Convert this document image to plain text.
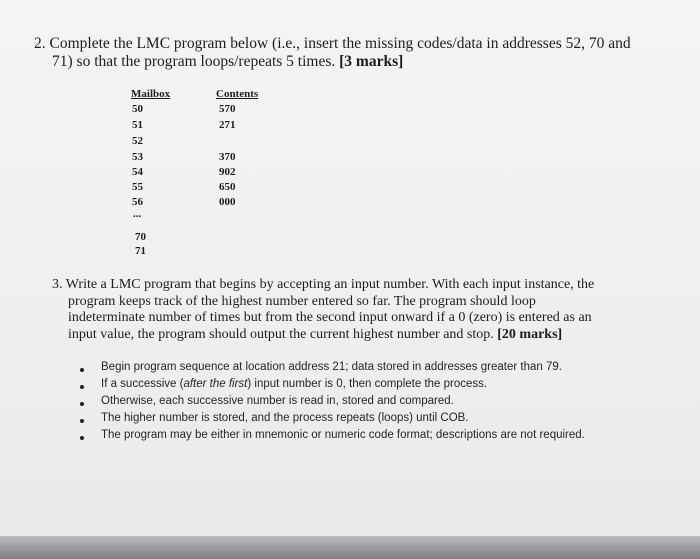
2. Complete the LMC program below (i.e., insert the missing codes/data in addresses 52, 70 and
71) so that the program loops/repeats 5 times. [3 marks]
Mailbox	Contents
50	570
51	271
52
53	370
54	902
55	650
56	000
...
70
71
3. Write a LMC program that begins by accepting an input number. With each input instance, the
program keeps track of the highest number entered so far. The program should loop
indeterminate number of times but from the second input onward if a 0 (zero) is entered as an
input value, the program should output the current highest number and stop. [20 marks]
Begin program sequence at location address 21; data stored in addresses greater than 79.
If a successive (after the first) input number is 0, then complete the process.
Otherwise, each successive number is read in, stored and compared.
The higher number is stored, and the process repeats (loops) until COB.
The program may be either in mnemonic or numeric code format; descriptions are not required.
